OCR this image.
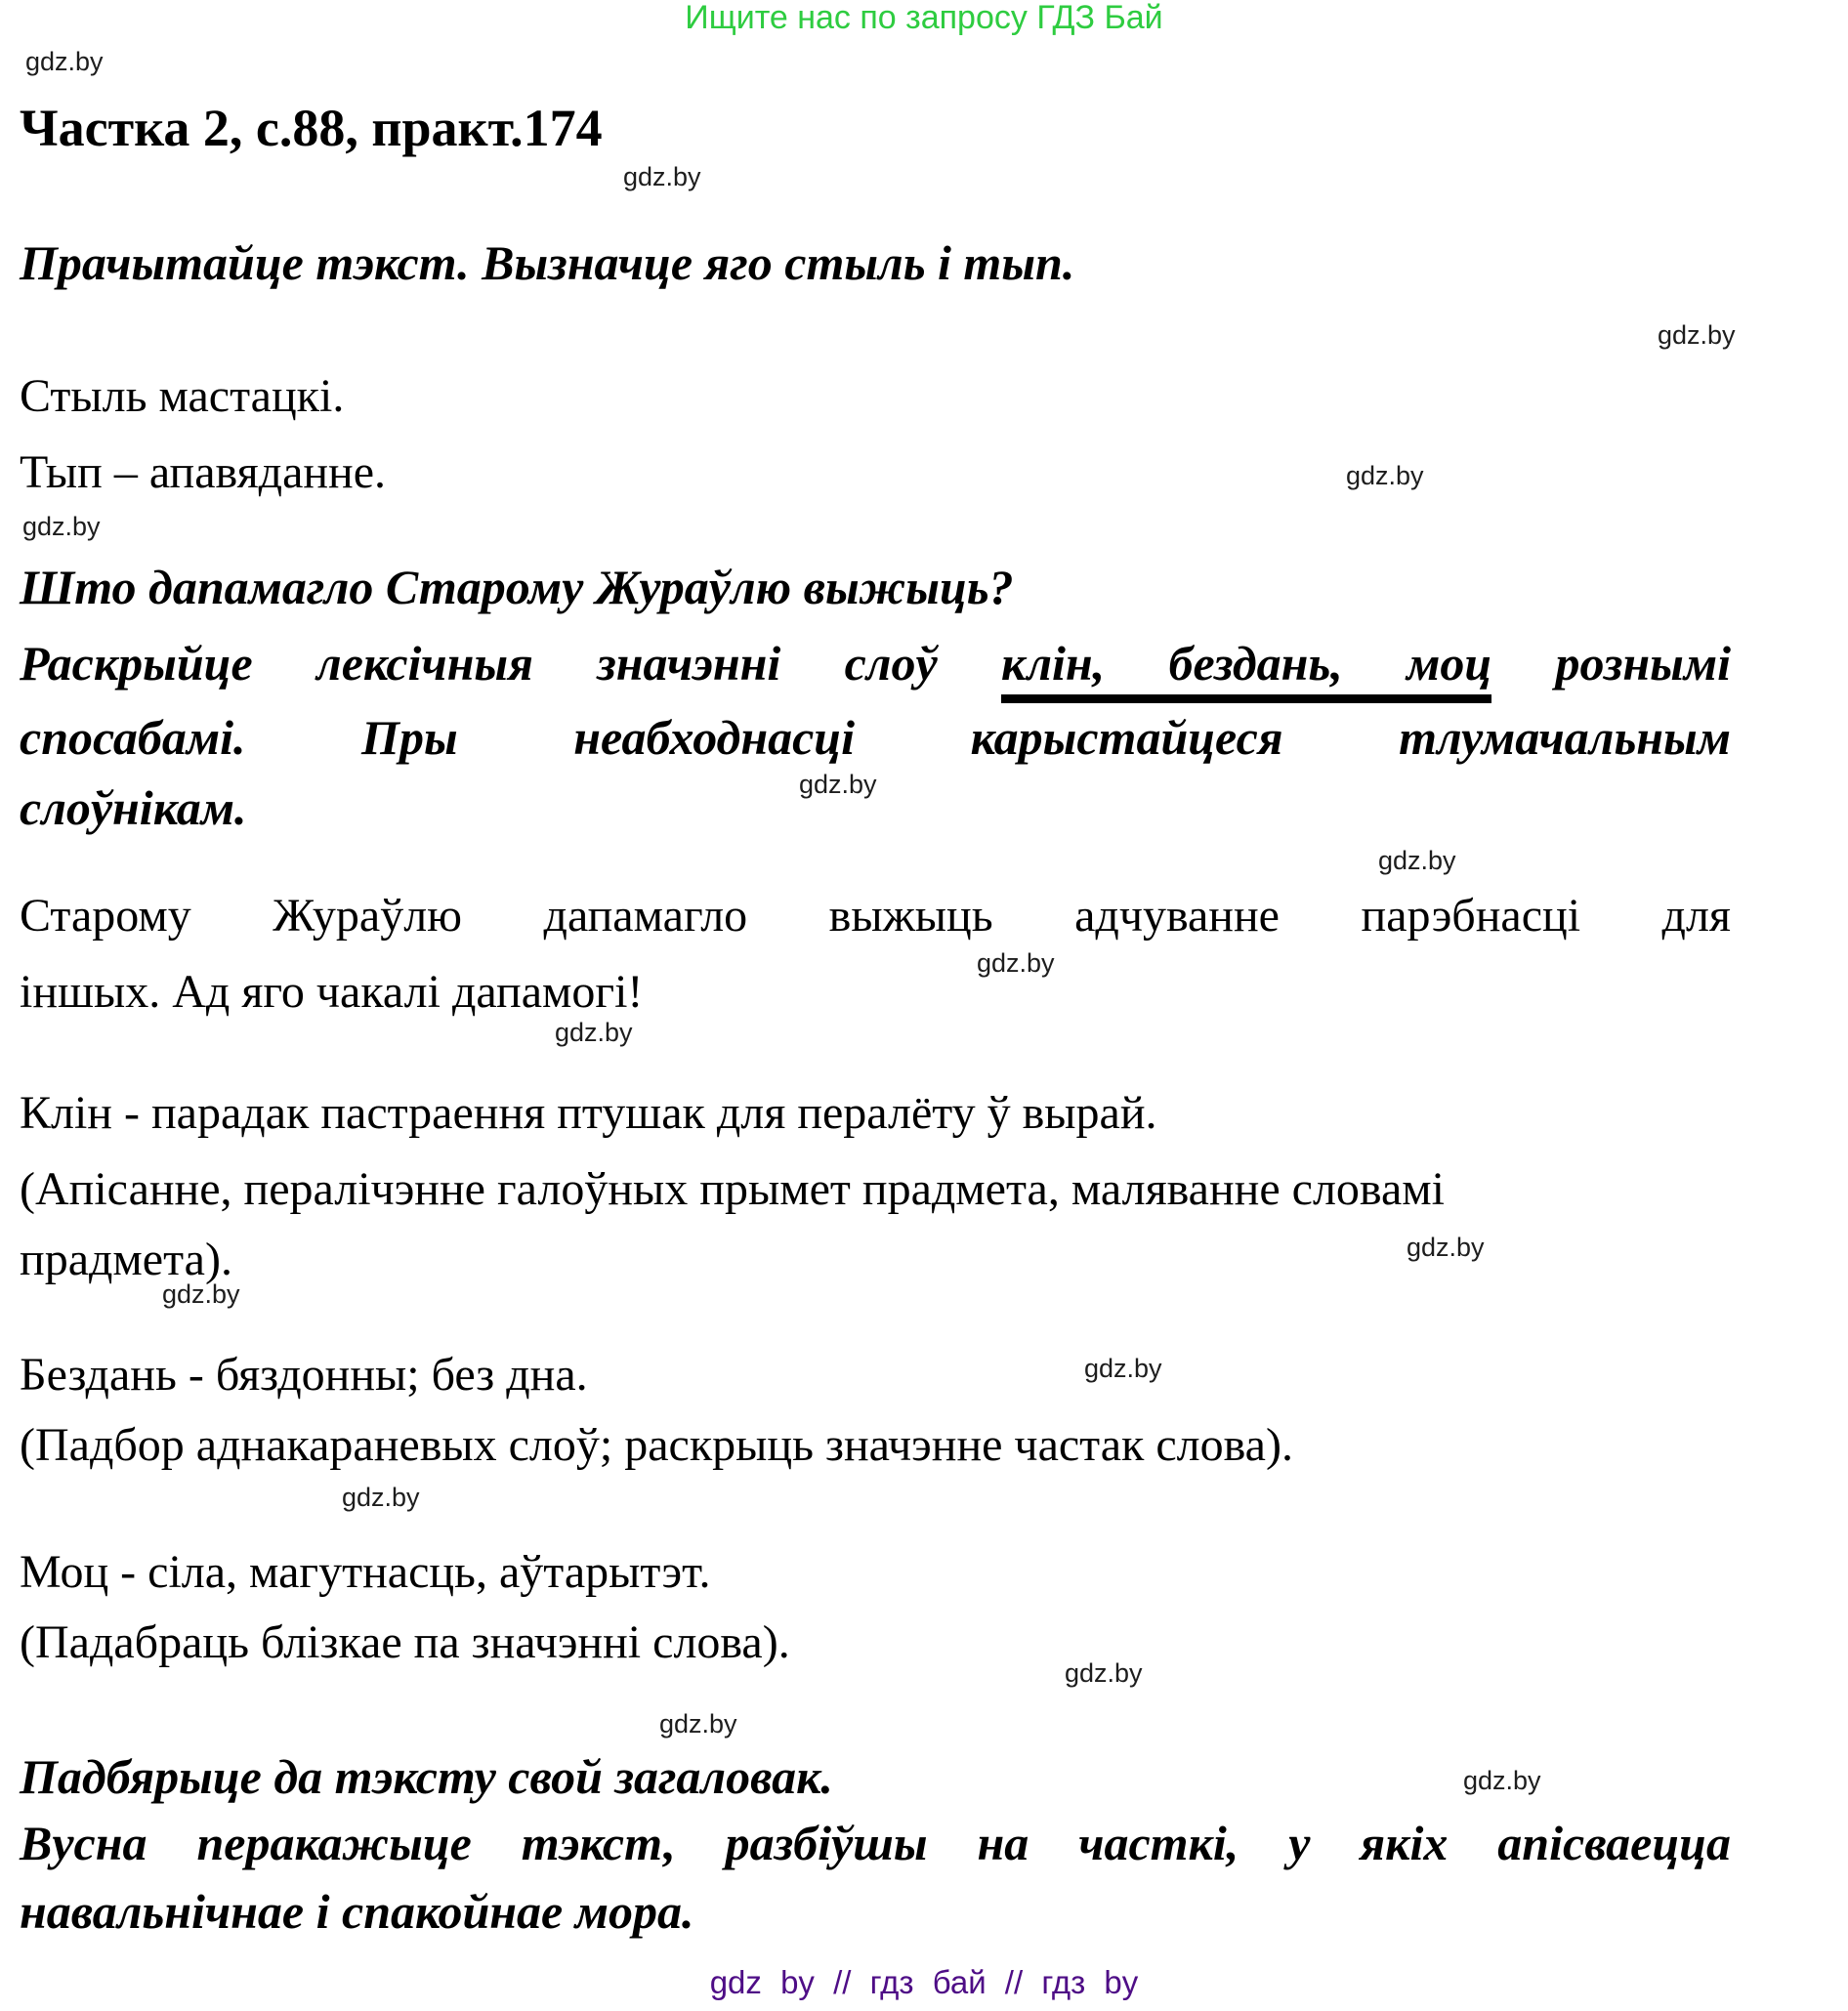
Ищите нас по запросу ГДЗ Бай
gdz.by
gdz.by
gdz.by
gdz.by
gdz.by
gdz.by
gdz.by
gdz.by
gdz.by
gdz.by
gdz.by
gdz.by
gdz.by
gdz.by
gdz.by
gdz.by
Частка 2, с.88, практ.174
Прачытайце тэкст. Вызначце яго стыль і тып.
Стыль мастацкі.
Тып – апавяданне.
Што дапамагло Старому Жураўлю выжыць?
Раскрыйце лексічныя значэнні слоў клін, бездань, моц рознымі
спосабамі. Пры неабходнасці карыстайцеся тлумачальным
слоўнікам.
Старому Жураўлю дапамагло выжыць адчуванне парэбнасці для
іншых. Ад яго чакалі дапамогі!
Клін - парадак пастраення птушак для пералёту ў вырай.
(Апісанне, пералічэнне галоўных прымет прадмета, маляванне словамі
прадмета).
Бездань - бяздонны; без дна.
(Падбор аднакараневых слоў; раскрыць значэнне частак слова).
Моц - сіла, магутнасць, аўтарытэт.
(Падабраць блізкае па значэнні слова).
Падбярыце да тэксту свой загаловак.
Вусна перакажыце тэкст, разбіўшы на часткі, у якіх апісваецца
навальнічнае і спакойнае мора.
gdz by // гдз бай // гдз by
